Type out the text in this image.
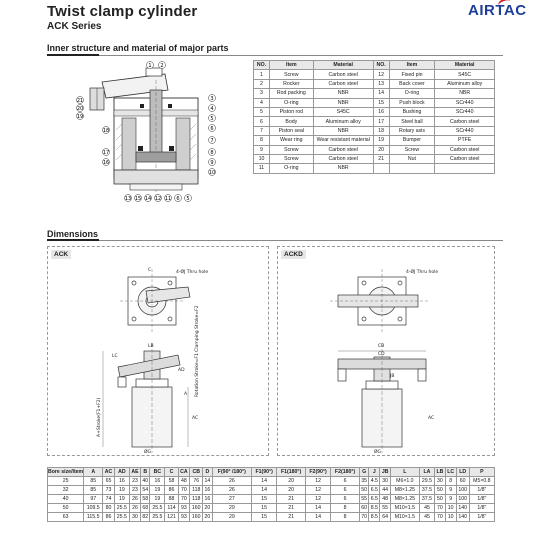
Twist clamp cylinder
ACK Series
AIRTAC
Inner structure and material of major parts
1 2
3
4
5
6
7
8
9
10
21
20
19
18
17
16
13 15 14 12 11 6 5
NO.	Item	Material	NO.	Item	Material
1	Screw	Carbon steel	12	Fixed pin	S45C
2	Rocker	Carbon steel	13	Back cover	Aluminum alloy
3	Rod packing	NBR	14	O-ring	NBR
4	O-ring	NBR	15	Push block	SCr440
5	Piston rod	S45C	16	Bushing	SCr440
6	Body	Aluminum alloy	17	Steel ball	Carbon steel
7	Piston seal	NBR	18	Rotary axis	SCr440
8	Wear ring	Wear resistant material	19	Bumper	PTFE
9	Screw	Carbon steel	20	Screw	Carbon steel
10	Screw	Carbon steel	21	Nut	Carbon steel
11	O-ring	NBR			
Dimensions
ACK
4-ØJ Thru hole
C
LB
LC
ØG
AC
AD
A
A+Stroke(F1+F2)
Rotation Stroke=F1 Clamping Stroke=F2
ACKD
4-ØJ Thru hole
CB
CD
JB
ØG
AC
Bore size/Item	A	AC	AD	AE	B	BC	C	CA	CB	D	F(90° /180°)	F1(90°)	F1(180°)	F2(90°)	F2(180°)	G	J	JB	L	LA	LB	LC	LD	P
25	85	65	16	23	40	16	58	48	76	14	26	14	20	12	6	35	4.5	30	M6×1.0	29.5	30	8	60	M5×0.8
32	85	73	19	23	54	19	86	70	118	16	26	14	20	12	6	50	6.5	44	M8×1.25	37.5	50	9	100	1/8"
40	97	74	19	26	58	19	88	70	118	16	27	15	21	12	6	55	6.5	48	M8×1.25	37.5	50	9	100	1/8"
50	109.5	80	25.5	26	68	25.5	114	93	160	20	29	15	21	14	8	60	8.5	55	M10×1.5	45	70	10	140	1/8"
63	115.5	86	25.5	30	82	25.5	121	93	160	20	29	15	21	14	8	70	8.5	64	M10×1.5	45	70	10	140	1/8"
